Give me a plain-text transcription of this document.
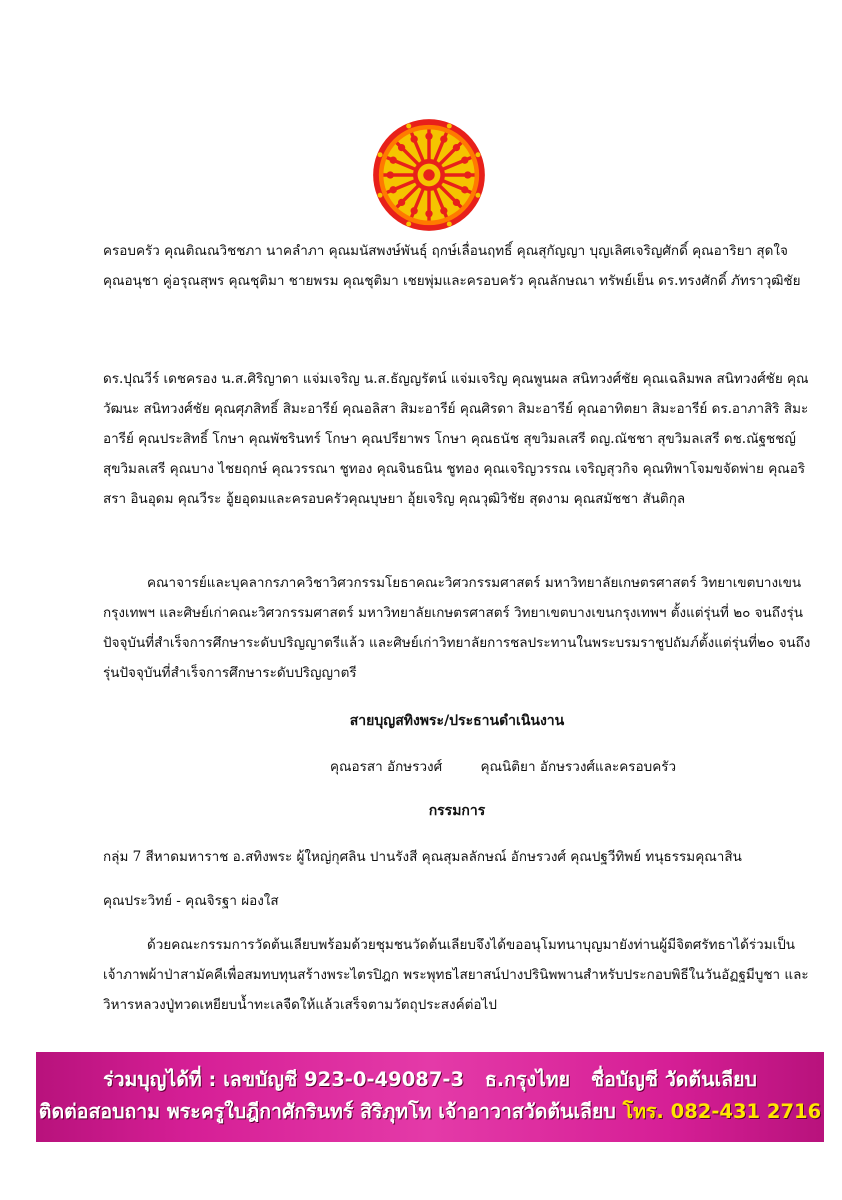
ครอบครัว คุณติณณวิชชภา นาคลำภา คุณมนัสพงษ์พันธุ์ ฤกษ์เลื่อนฤทธิ์ คุณสุกัญญา บุญเลิศเจริญศักดิ์ คุณอาริยา สุดใจ คุณอนุชา คู่อรุณสุพร คุณชุติมา ชายพรม คุณชุติมา เชยพุ่มและครอบครัว คุณลักษณา ทรัพย์เย็น ดร.ทรงศักดิ์ ภัทราวุฒิชัย

ดร.ปุณวีร์ เดชครอง น.ส.ศิริญาดา แจ่มเจริญ น.ส.ธัญญรัตน์ แจ่มเจริญ คุณพูนผล สนิทวงศ์ชัย คุณเฉลิมพล สนิทวงศ์ชัย คุณวัฒนะ สนิทวงศ์ชัย คุณศุภสิทธิ์ สิมะอารีย์ คุณอลิสา สิมะอารีย์ คุณศิรดา สิมะอารีย์ คุณอาทิตยา สิมะอารีย์ ดร.อาภาสิริ สิมะอารีย์ คุณประสิทธิ์ โกษา คุณพัชรินทร์ โกษา คุณปรียาพร โกษา คุณธนัช สุขวิมลเสรี ดญ.ณัชชา สุขวิมลเสรี ดช.ณัฐชชญ์ สุขวิมลเสรี คุณบาง ไชยฤกษ์ คุณวรรณา ชูทอง คุณจินธนิน ชูทอง คุณเจริญวรรณ เจริญสุวกิจ คุณทิพาโจมขจัดพ่าย คุณอริสรา อินอุดม คุณวีระ อู้ยอุดมและครอบครัวคุณบุษยา อุ้ยเจริญ คุณวุฒิวิชัย สุดงาม คุณสมัชชา สันติกุล

คณาจารย์และบุคลากรภาควิชาวิศวกรรมโยธาคณะวิศวกรรมศาสตร์ มหาวิทยาลัยเกษตรศาสตร์ วิทยาเขตบางเขน กรุงเทพฯ และศิษย์เก่าคณะวิศวกรรมศาสตร์ มหาวิทยาลัยเกษตรศาสตร์ วิทยาเขตบางเขนกรุงเทพฯ ตั้งแต่รุ่นที่ ๒๐ จนถึงรุ่นปัจจุบันที่สำเร็จการศึกษาระดับปริญญาตรีแล้ว และศิษย์เก่าวิทยาลัยการชลประทานในพระบรมราชูปถัมภ์ตั้งแต่รุ่นที่๒๐ จนถึงรุ่นปัจจุบันที่สำเร็จการศึกษาระดับปริญญาตรี

สายบุญสทิงพระ/ประธานดำเนินงาน

คุณอรสา อักษรวงศ์	คุณนิติยา อักษรวงศ์และครอบครัว

กรรมการ

กลุ่ม 7 สีหาดมหาราช อ.สทิงพระ ผู้ใหญ่กุศลิน ปานรังสี คุณสุมลลักษณ์ อักษรวงศ์ คุณปฐวีทิพย์ ทนุธรรมคุณาสิน

คุณประวิทย์ - คุณจิรฐา ผ่องใส

ด้วยคณะกรรมการวัดต้นเลียบพร้อมด้วยชุมชนวัดต้นเลียบจึงได้ขออนุโมทนาบุญมายังท่านผู้มีจิตศรัทธาได้ร่วมเป็นเจ้าภาพผ้าป่าสามัคคีเพื่อสมทบทุนสร้างพระไตรปิฎก พระพุทธไสยาสน์ปางปรินิพพานสำหรับประกอบพิธีในวันอัฏฐมีบูชา และวิหารหลวงปู่ทวดเหยียบน้ำทะเลจืดให้แล้วเสร็จตามวัตถุประสงค์ต่อไป

ร่วมบุญได้ที่ : เลขบัญชี 923-0-49087-3 ธ.กรุงไทย ชื่อบัญชี วัดต้นเลียบ
ติดต่อสอบถาม พระครูใบฎีกาศักรินทร์ สิริภุทโท เจ้าอาวาสวัดต้นเลียบ โทร. 082-431 2716
